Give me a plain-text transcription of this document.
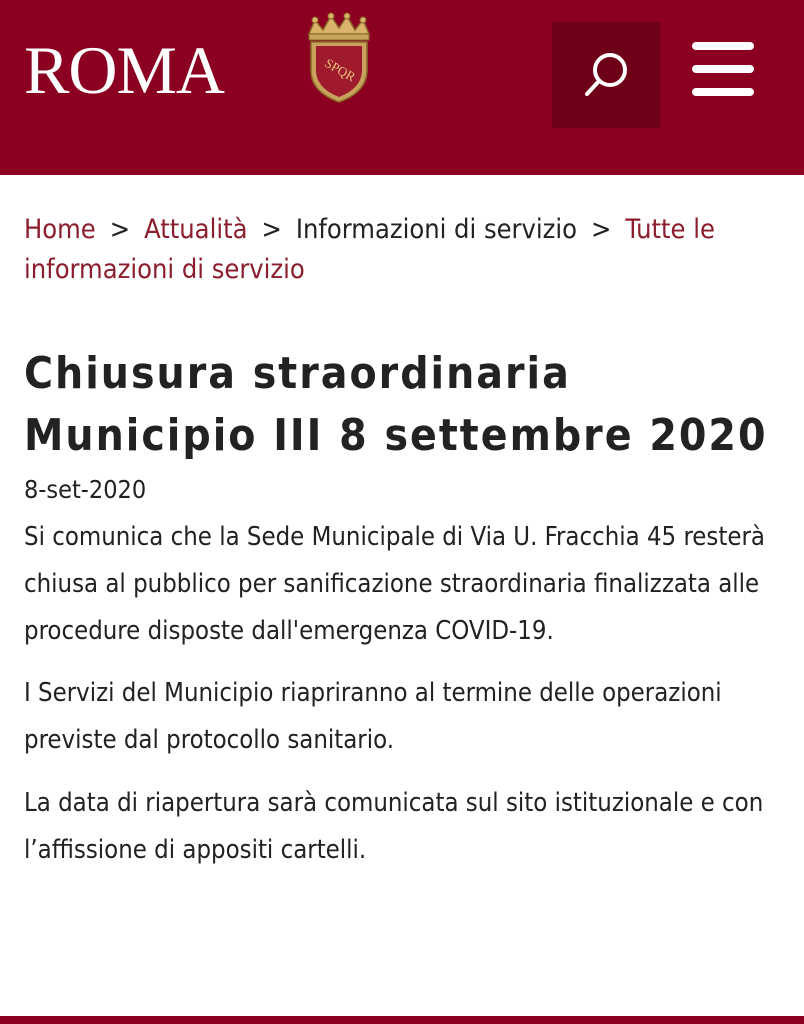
ROMA	SPQR
Home > Attualità > Informazioni di servizio > Tutte le informazioni di servizio
Chiusura straordinaria
Municipio III 8 settembre 2020
8-set-2020

Si comunica che la Sede Municipale di Via U. Fracchia 45 resterà chiusa al pubblico per sanificazione straordinaria finalizzata alle procedure disposte dall'emergenza COVID-19.

I Servizi del Municipio riapriranno al termine delle operazioni previste dal protocollo sanitario.

La data di riapertura sarà comunicata sul sito istituzionale e con l’affissione di appositi cartelli.
